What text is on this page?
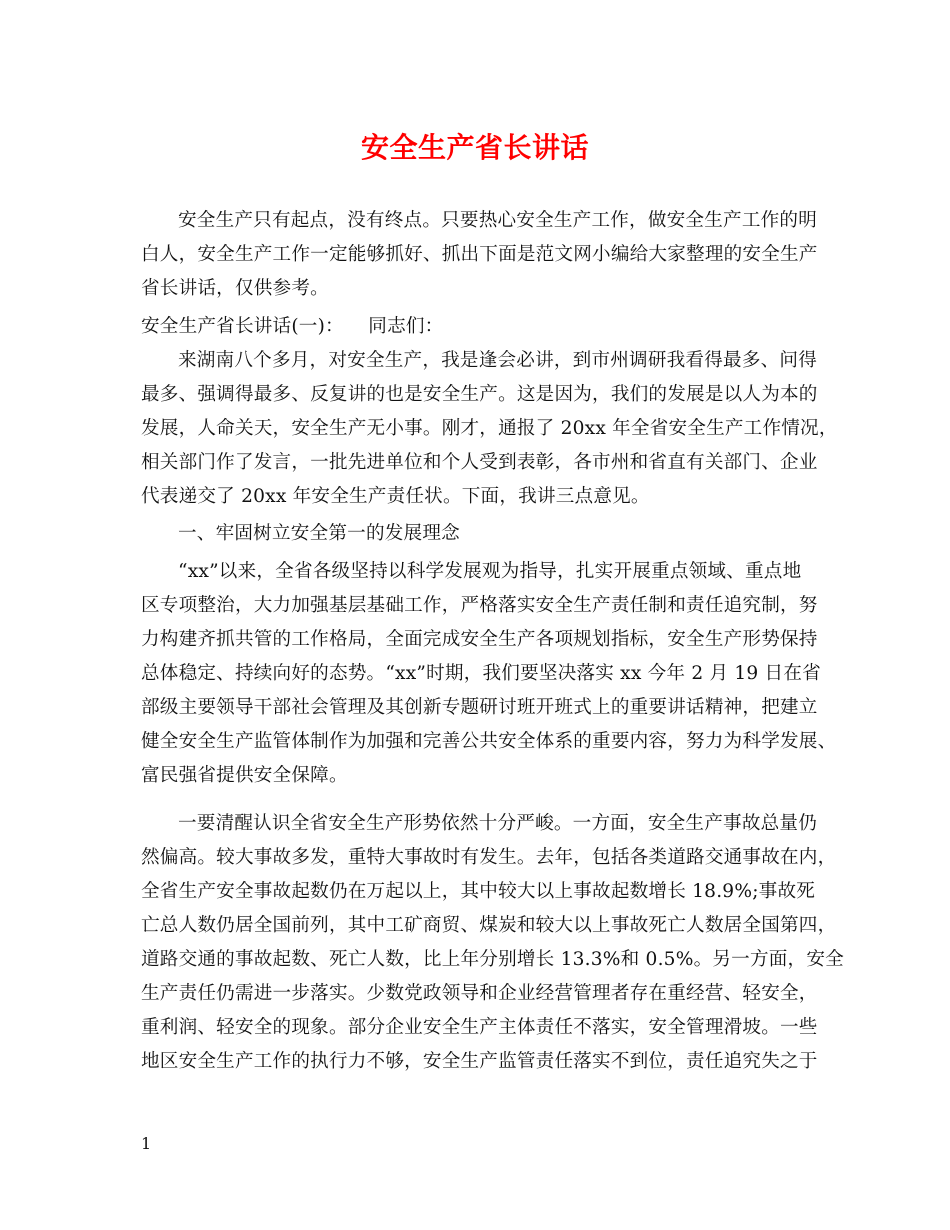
安全生产省长讲话
安全生产只有起点，没有终点。只要热心安全生产工作，做安全生产工作的明
白人，安全生产工作一定能够抓好、抓出下面是范文网小编给大家整理的安全生产
省长讲话，仅供参考。
安全生产省长讲话(一)：    同志们：
来湖南八个多月，对安全生产，我是逢会必讲，到市州调研我看得最多、问得
最多、强调得最多、反复讲的也是安全生产。这是因为，我们的发展是以人为本的
发展，人命关天，安全生产无小事。刚才，通报了 20xx 年全省安全生产工作情况，
相关部门作了发言，一批先进单位和个人受到表彰，各市州和省直有关部门、企业
代表递交了 20xx 年安全生产责任状。下面，我讲三点意见。
一、牢固树立安全第一的发展理念
“xx”以来，全省各级坚持以科学发展观为指导，扎实开展重点领域、重点地
区专项整治，大力加强基层基础工作，严格落实安全生产责任制和责任追究制，努
力构建齐抓共管的工作格局，全面完成安全生产各项规划指标，安全生产形势保持
总体稳定、持续向好的态势。“xx”时期，我们要坚决落实 xx 今年 2 月 19 日在省
部级主要领导干部社会管理及其创新专题研讨班开班式上的重要讲话精神，把建立
健全安全生产监管体制作为加强和完善公共安全体系的重要内容，努力为科学发展、
富民强省提供安全保障。
一要清醒认识全省安全生产形势依然十分严峻。一方面，安全生产事故总量仍
然偏高。较大事故多发，重特大事故时有发生。去年，包括各类道路交通事故在内，
全省生产安全事故起数仍在万起以上，其中较大以上事故起数增长 18.9%;事故死
亡总人数仍居全国前列，其中工矿商贸、煤炭和较大以上事故死亡人数居全国第四，
道路交通的事故起数、死亡人数，比上年分别增长 13.3%和 0.5%。另一方面，安全
生产责任仍需进一步落实。少数党政领导和企业经营管理者存在重经营、轻安全，
重利润、轻安全的现象。部分企业安全生产主体责任不落实，安全管理滑坡。一些
地区安全生产工作的执行力不够，安全生产监管责任落实不到位，责任追究失之于
1
